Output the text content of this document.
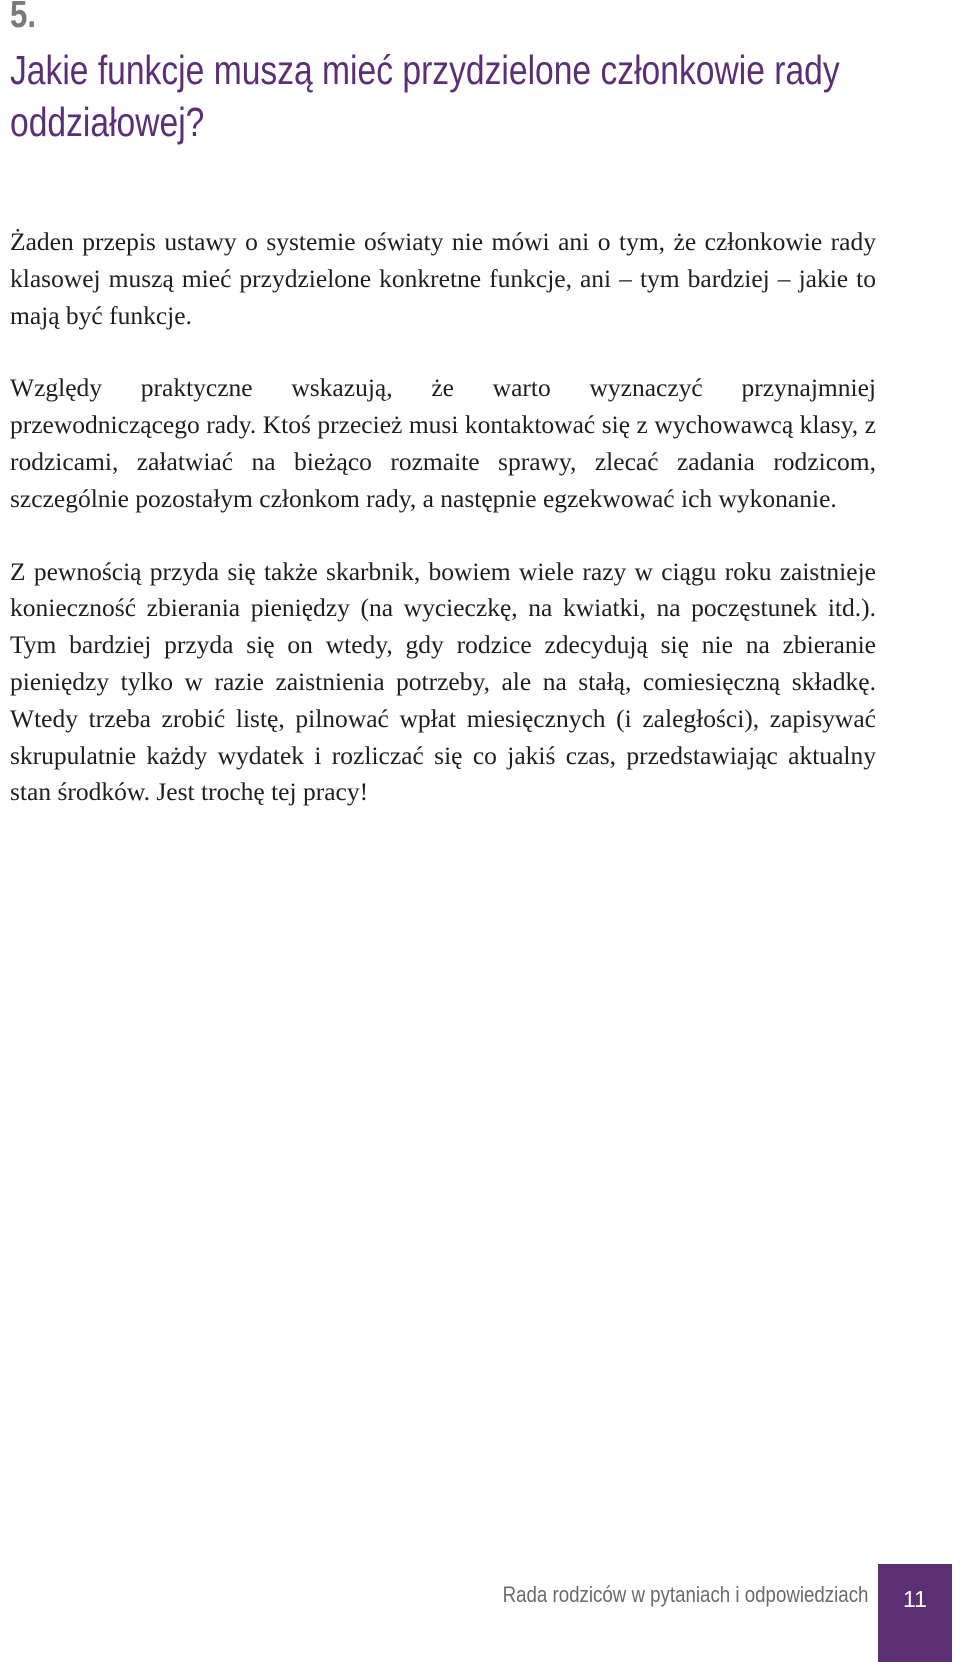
5.
Jakie funkcje muszą mieć przydzielone członkowie rady oddziałowej?

Żaden przepis ustawy o systemie oświaty nie mówi ani o tym, że członkowie rady klasowej muszą mieć przydzielone konkretne funkcje, ani – tym bardziej – jakie to mają być funkcje.

Względy praktyczne wskazują, że warto wyznaczyć przynajmniej przewodniczącego rady. Ktoś przecież musi kontaktować się z wychowawcą klasy, z rodzicami, załatwiać na bieżąco rozmaite sprawy, zlecać zadania rodzicom, szczególnie pozostałym członkom rady, a następnie egzekwować ich wykonanie.

Z pewnością przyda się także skarbnik, bowiem wiele razy w ciągu roku zaistnieje konieczność zbierania pieniędzy (na wycieczkę, na kwiatki, na poczęstunek itd.). Tym bardziej przyda się on wtedy, gdy rodzice zdecydują się nie na zbieranie pieniędzy tylko w razie zaistnienia potrzeby, ale na stałą, comiesięczną składkę. Wtedy trzeba zrobić listę, pilnować wpłat miesięcznych (i zaległości), zapisywać skrupulatnie każdy wydatek i rozliczać się co jakiś czas, przedstawiając aktualny stan środków. Jest trochę tej pracy!

Rada rodziców w pytaniach i odpowiedziach	11
